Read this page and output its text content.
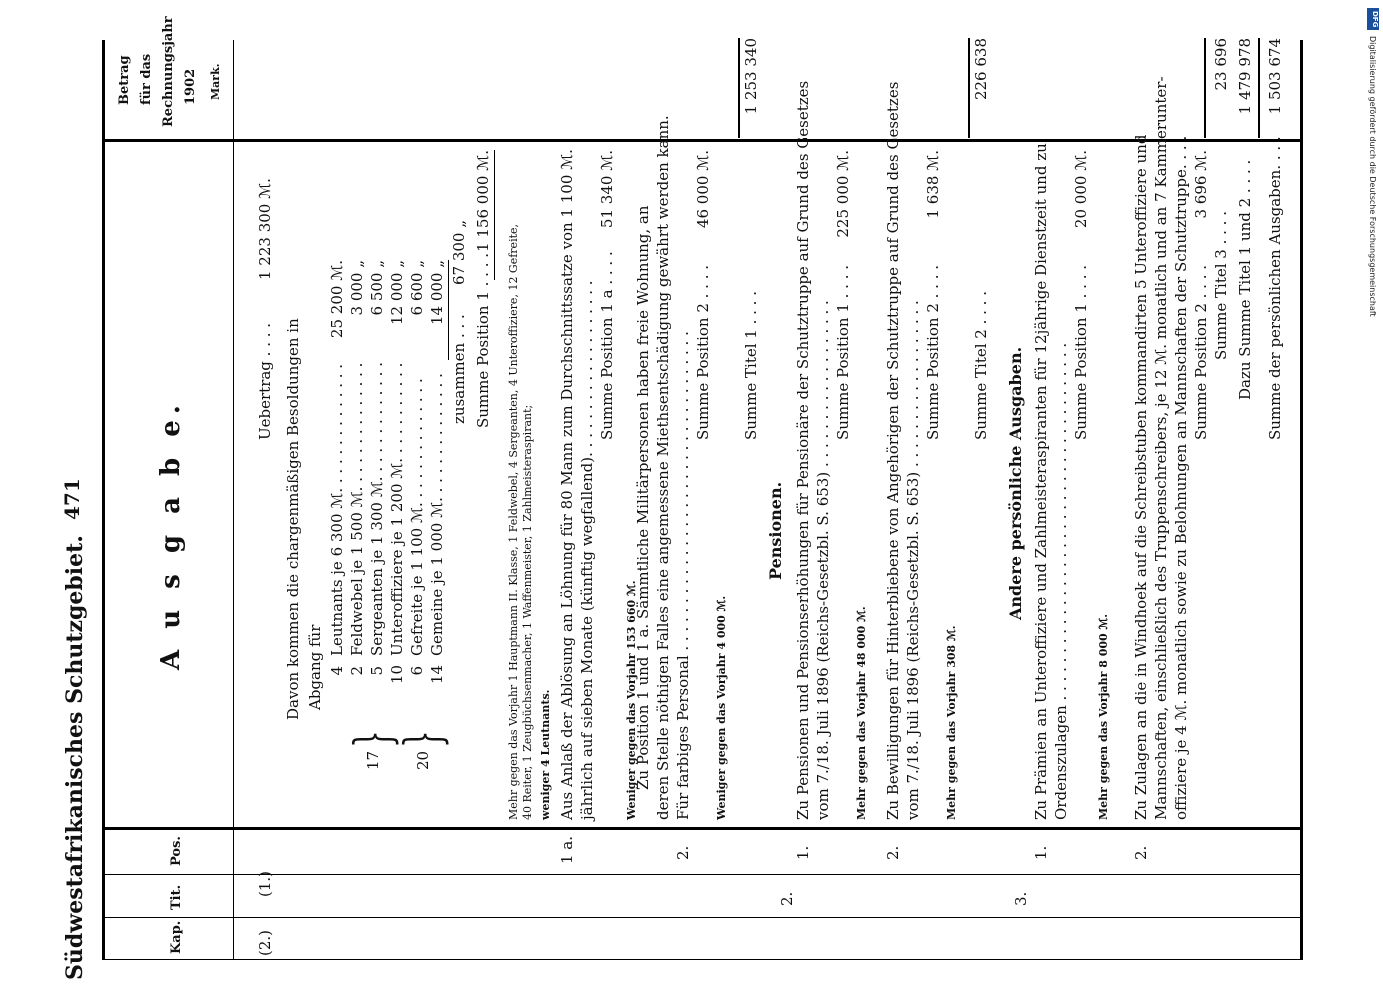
Südwestafrikanisches Schutzgebiet.
471	A u s g a b e.
Kap.
Tit.
Pos.
Betrag für das Rechnungsjahr 1902 Mark.
(2.)
(1.)
Uebertrag . . . .
1 223 300 ℳ.
Davon kommen die chargenmäßigen Besoldungen in Abgang für 4
Leutnants je 6 300 ℳ. . . . . . . . . . . . . .
25 200 ℳ.
2
Feldwebel je 1 500 ℳ. . . . . . . . . . . . . .
3 000 „
5
Sergeanten je 1 300 ℳ. . . . . . . . . . . . .
6 500 „
10
Unteroffiziere je 1 200 ℳ. . . . . . . . . . .
12 000 „
6
Gefreite je 1 100 ℳ. . . . . . . . . . . . . .
6 600 „
14
Gemeine je 1 000 ℳ. . . . . . . . . . . . . .
14 000 „
}
17
}
20
zusammen . . .
67 300 „
Summe Position 1 . . . .
1 156 000 ℳ.
Mehr gegen das Vorjahr 1 Hauptmann II. Klasse, 1 Feldwebel, 4 Sergeanten, 4 Unteroffiziere, 12 Gefreite, 40 Reiter, 1 Zeugbüchsenmacher, 1 Waffenmeister, 1 Zahlmeisteraspirant; weniger 4 Leutnants.
1 a.
Aus Anlaß der Ablösung an Löhnung für 80 Mann zum Durchschnittssatze von 1 100 ℳ. jährlich auf sieben Monate (künftig wegfallend). . . . . . . . . . . . . . . . . . . Summe Position 1 a . . . .
51 340 ℳ.
Weniger gegen das Vorjahr 153 660 ℳ.
2.
Zu Position 1 und 1 a. Sämmtliche Militärpersonen haben freie Wohnung, an deren Stelle nöthigen Falles eine angemessene Miethsentschädigung gewährt werden kann. Für farbiges Personal . . . . . . . . . . . . . . . . . . . . . . . . . . . . . . . . . . Summe Position 2 . . . .
46 000 ℳ.
Weniger gegen das Vorjahr 4 000 ℳ.
Summe Titel 1 . . . .
1 253 340
2.
Pensionen.
1.
Zu Pensionen und Pensionserhöhungen für Pensionäre der Schutztruppe auf Grund des Gesetzes vom 7./18. Juli 1896 (Reichs-Gesetzbl. S. 653) . . . . . . . . . . . . . . . . . . Summe Position 1 . . . .
225 000 ℳ.
Mehr gegen das Vorjahr 48 000 ℳ.
2.
Zu Bewilligungen für Hinterbliebene von Angehörigen der Schutztruppe auf Grund des Gesetzes vom 7./18. Juli 1896 (Reichs-Gesetzbl. S. 653) . . . . . . . . . . . . . . . . . . Summe Position 2 . . . .
1 638 ℳ.
Mehr gegen das Vorjahr 308 ℳ.
Summe Titel 2 . . . .
226 638
3.
Andere persönliche Ausgaben.
1.
Zu Prämien an Unteroffiziere und Zahlmeisteraspiranten für 12jährige Dienstzeit und zu Ordenszulagen . . . . . . . . . . . . . . . . . . . . . . . . . . . . . . . . . . . . . . Summe Position 1 . . . .
20 000 ℳ.
Mehr gegen das Vorjahr 8 000 ℳ.
2.
Zu Zulagen an die in Windhoek auf die Schreibstuben kommandirten 5 Unteroffiziere und Mannschaften, einschließlich des Truppenschreibers, je 12 ℳ. monatlich und an 7 Kammerunter- offiziere je 4 ℳ. monatlich sowie zu Belohnungen an Mannschaften der Schutztruppe. . . . Summe Position 2 . . . .
3 696 ℳ.
Summe Titel 3 . . . .
23 696
Dazu Summe Titel 1 und 2 . . . .
1 479 978
Summe der persönlichen Ausgaben. . . .
1 503 674
DFG
Digitalisierung gefördert durch die Deutsche Forschungsgemeinschaft
